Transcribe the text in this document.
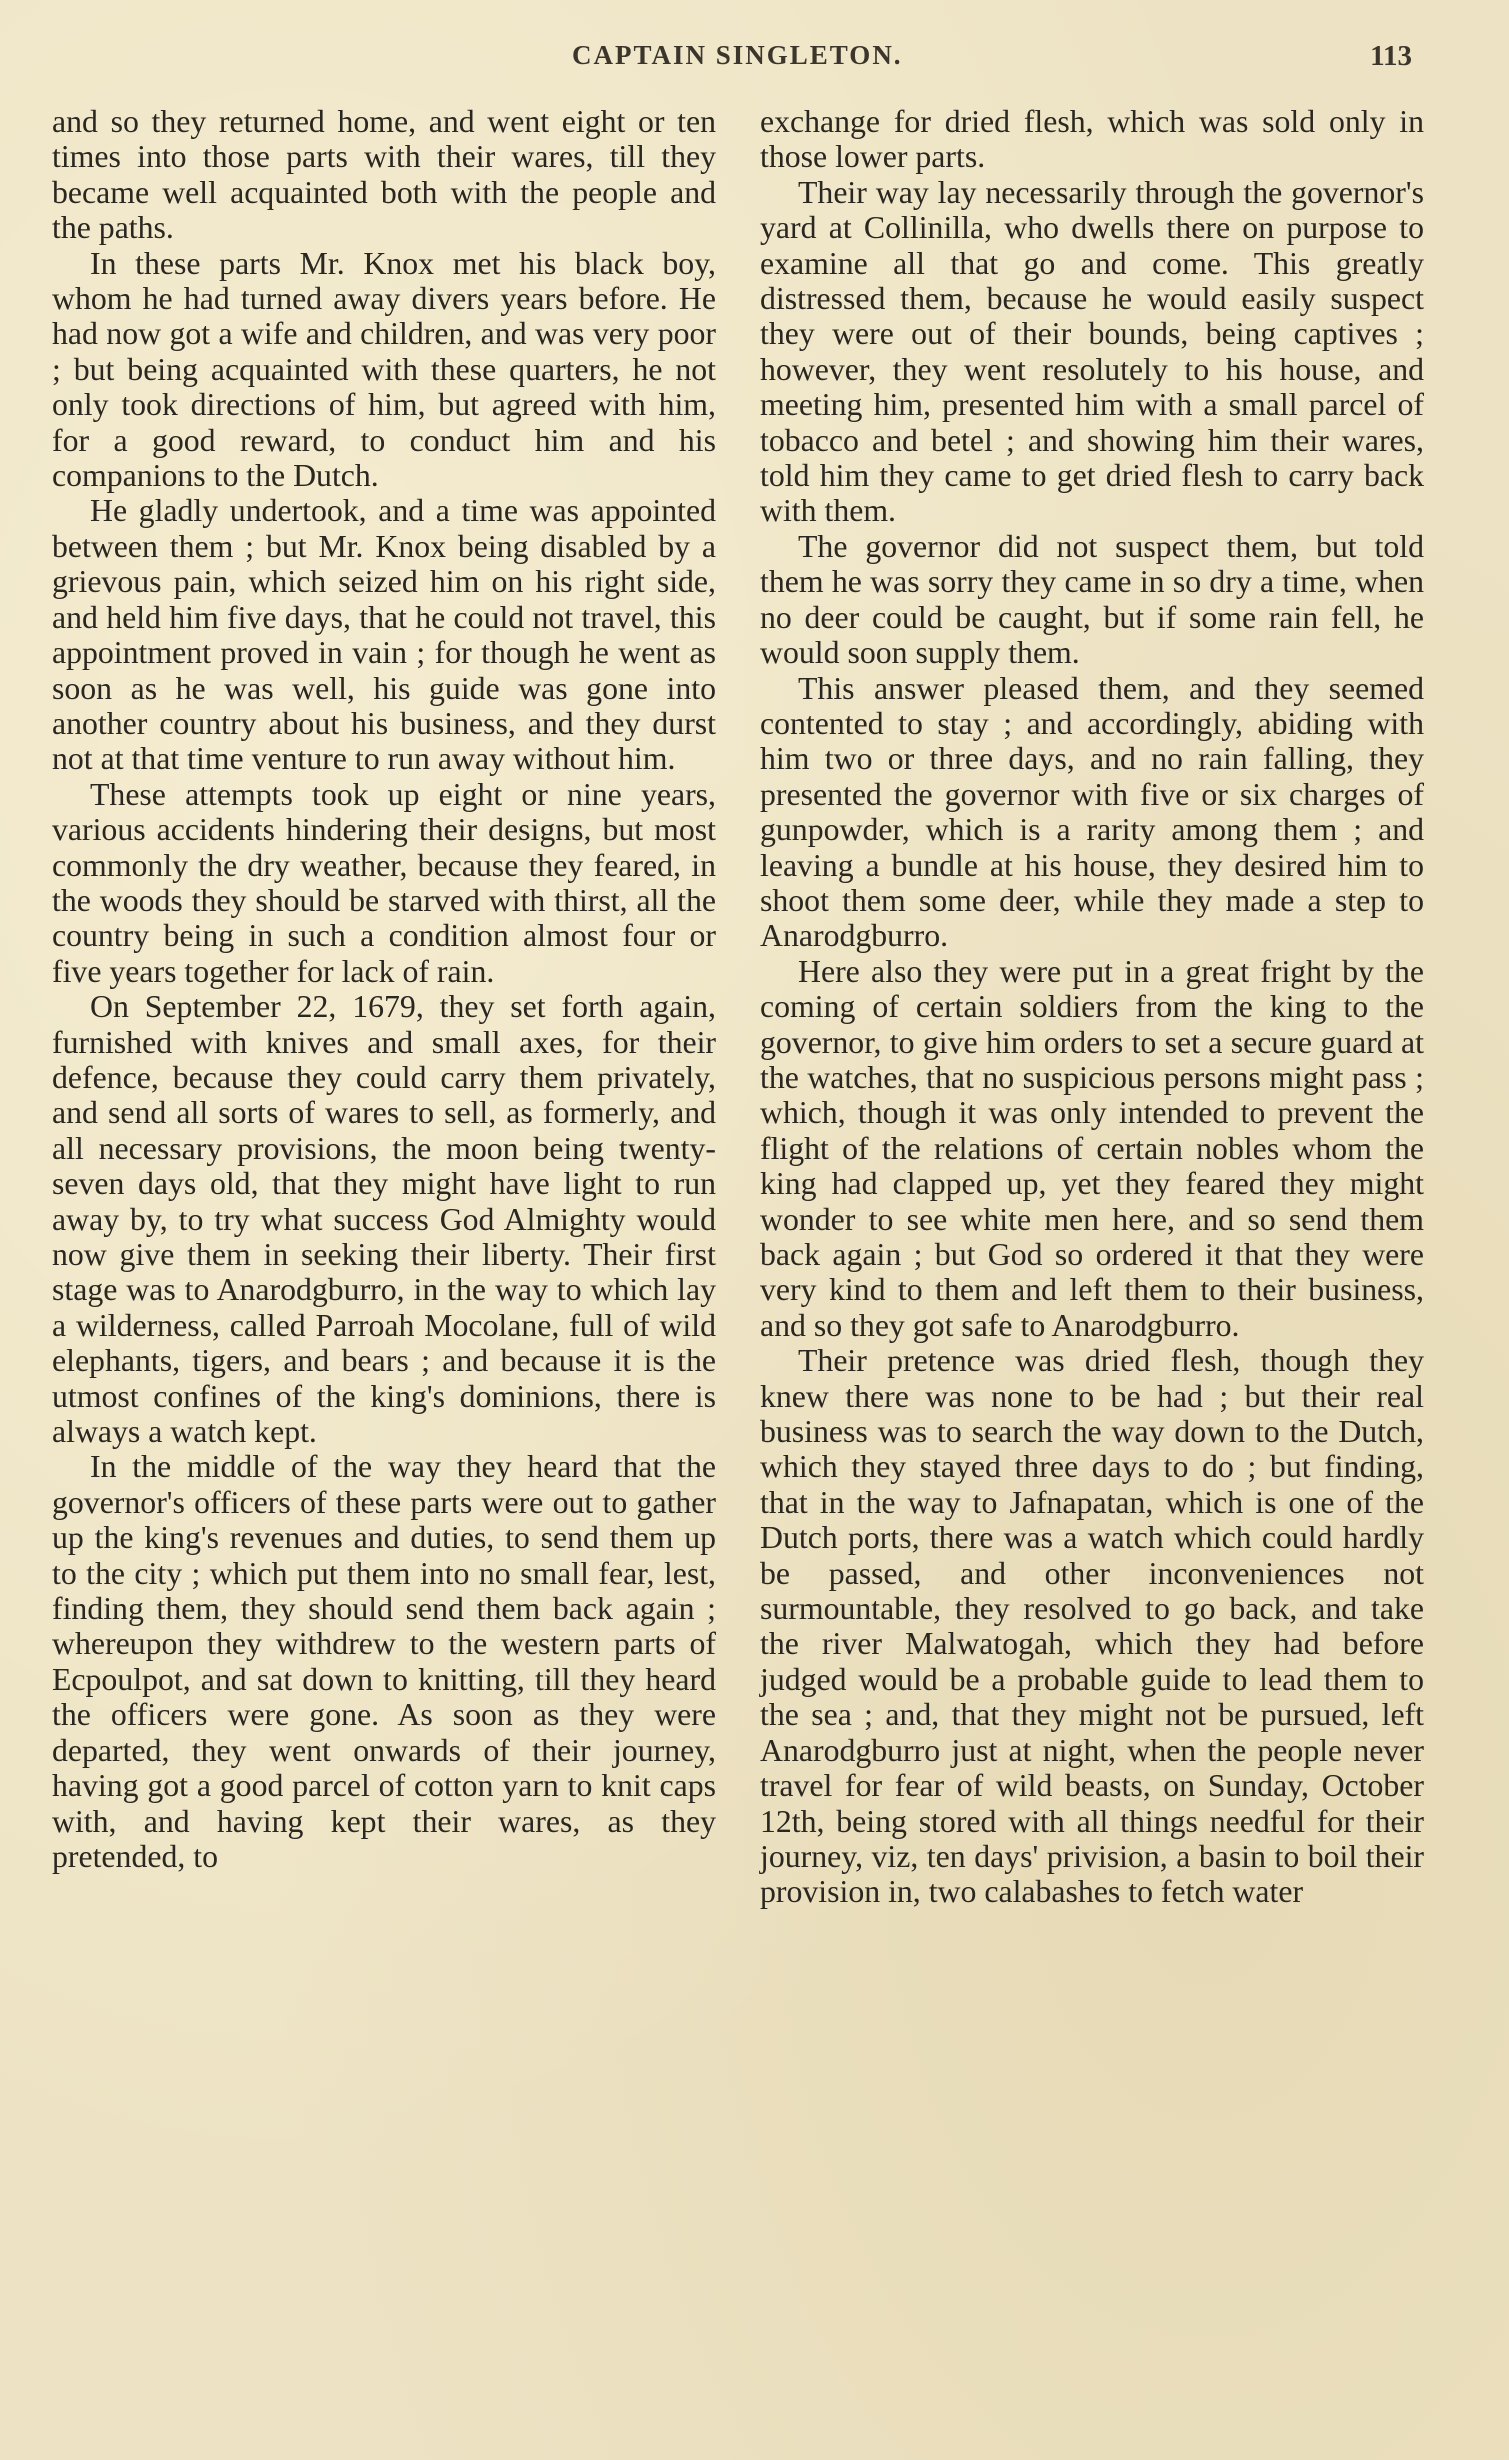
CAPTAIN SINGLETON.	113

and so they returned home, and went eight or ten times into those parts with their wares, till they became well acquainted both with the people and the paths.

In these parts Mr. Knox met his black boy, whom he had turned away divers years before. He had now got a wife and children, and was very poor ; but being acquainted with these quarters, he not only took directions of him, but agreed with him, for a good reward, to conduct him and his companions to the Dutch.

He gladly undertook, and a time was appointed between them ; but Mr. Knox being disabled by a grievous pain, which seized him on his right side, and held him five days, that he could not travel, this appointment proved in vain ; for though he went as soon as he was well, his guide was gone into another country about his business, and they durst not at that time venture to run away without him.

These attempts took up eight or nine years, various accidents hindering their designs, but most commonly the dry weather, because they feared, in the woods they should be starved with thirst, all the country being in such a condition almost four or five years together for lack of rain.

On September 22, 1679, they set forth again, furnished with knives and small axes, for their defence, because they could carry them privately, and send all sorts of wares to sell, as formerly, and all necessary provisions, the moon being twenty-seven days old, that they might have light to run away by, to try what success God Almighty would now give them in seeking their liberty. Their first stage was to Anarodgburro, in the way to which lay a wilderness, called Parroah Mocolane, full of wild elephants, tigers, and bears ; and because it is the utmost confines of the king's dominions, there is always a watch kept.

In the middle of the way they heard that the governor's officers of these parts were out to gather up the king's revenues and duties, to send them up to the city ; which put them into no small fear, lest, finding them, they should send them back again ; whereupon they withdrew to the western parts of Ecpoulpot, and sat down to knitting, till they heard the officers were gone. As soon as they were departed, they went onwards of their journey, having got a good parcel of cotton yarn to knit caps with, and having kept their wares, as they pretended, to

exchange for dried flesh, which was sold only in those lower parts.

Their way lay necessarily through the governor's yard at Collinilla, who dwells there on purpose to examine all that go and come. This greatly distressed them, because he would easily suspect they were out of their bounds, being captives ; however, they went resolutely to his house, and meeting him, presented him with a small parcel of tobacco and betel ; and showing him their wares, told him they came to get dried flesh to carry back with them.

The governor did not suspect them, but told them he was sorry they came in so dry a time, when no deer could be caught, but if some rain fell, he would soon supply them.

This answer pleased them, and they seemed contented to stay ; and accordingly, abiding with him two or three days, and no rain falling, they presented the governor with five or six charges of gunpowder, which is a rarity among them ; and leaving a bundle at his house, they desired him to shoot them some deer, while they made a step to Anarodgburro.

Here also they were put in a great fright by the coming of certain soldiers from the king to the governor, to give him orders to set a secure guard at the watches, that no suspicious persons might pass ; which, though it was only intended to prevent the flight of the relations of certain nobles whom the king had clapped up, yet they feared they might wonder to see white men here, and so send them back again ; but God so ordered it that they were very kind to them and left them to their business, and so they got safe to Anarodgburro.

Their pretence was dried flesh, though they knew there was none to be had ; but their real business was to search the way down to the Dutch, which they stayed three days to do ; but finding, that in the way to Jafnapatan, which is one of the Dutch ports, there was a watch which could hardly be passed, and other inconveniences not surmountable, they resolved to go back, and take the river Malwatogah, which they had before judged would be a probable guide to lead them to the sea ; and, that they might not be pursued, left Anarodgburro just at night, when the people never travel for fear of wild beasts, on Sunday, October 12th, being stored with all things needful for their journey, viz, ten days' privision, a basin to boil their provision in, two calabashes to fetch water
